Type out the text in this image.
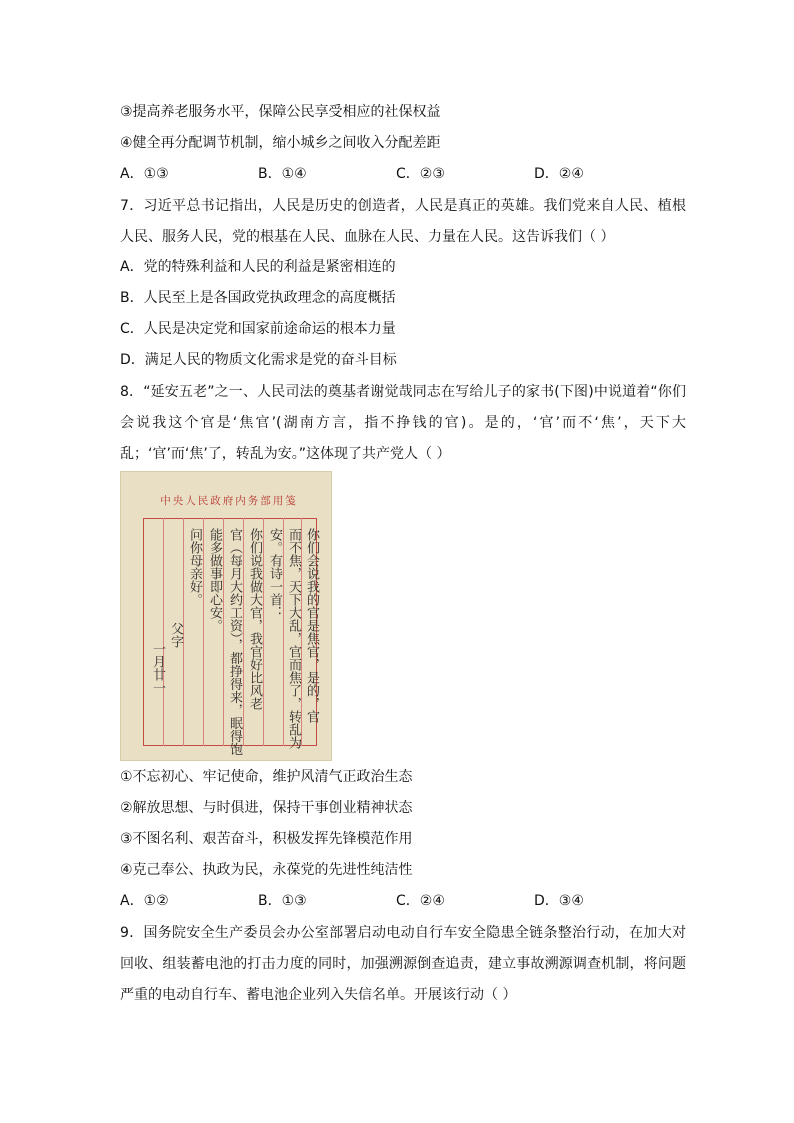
③提高养老服务水平，保障公民享受相应的社保权益
④健全再分配调节机制，缩小城乡之间收入分配差距
A．①③	B．①④	C．②③	D．②④
7．习近平总书记指出，人民是历史的创造者，人民是真正的英雄。我们党来自人民、植根人民、服务人民，党的根基在人民、血脉在人民、力量在人民。这告诉我们（ ）
A．党的特殊利益和人民的利益是紧密相连的
B．人民至上是各国政党执政理念的高度概括
C．人民是决定党和国家前途命运的根本力量
D．满足人民的物质文化需求是党的奋斗目标
8．“延安五老”之一、人民司法的奠基者谢觉哉同志在写给儿子的家书(下图)中说道着“你们会说我这个官是‘焦官’(湖南方言，指不挣钱的官)。是的，‘官’而不‘焦’，天下大乱；‘官’而‘焦’了，转乱为安。”这体现了共产党人（ ）
中央人民政府内务部用笺
你们会说我的官是焦官，是的，官
而不焦，天下大乱，官而焦了，转乱为
安。有诗一首：
你们说我做大官，我官好比风老
官（每月大约工资），都挣得来，眠得饱
能多做事即心安。
问你母亲好。
父字
一月廿一
①不忘初心、牢记使命，维护风清气正政治生态
②解放思想、与时俱进，保持干事创业精神状态
③不图名利、艰苦奋斗，积极发挥先锋模范作用
④克己奉公、执政为民，永葆党的先进性纯洁性
A．①②	B．①③	C．②④	D．③④
9．国务院安全生产委员会办公室部署启动电动自行车安全隐患全链条整治行动，在加大对回收、组装蓄电池的打击力度的同时，加强溯源倒查追责，建立事故溯源调查机制，将问题严重的电动自行车、蓄电池企业列入失信名单。开展该行动（ ）
